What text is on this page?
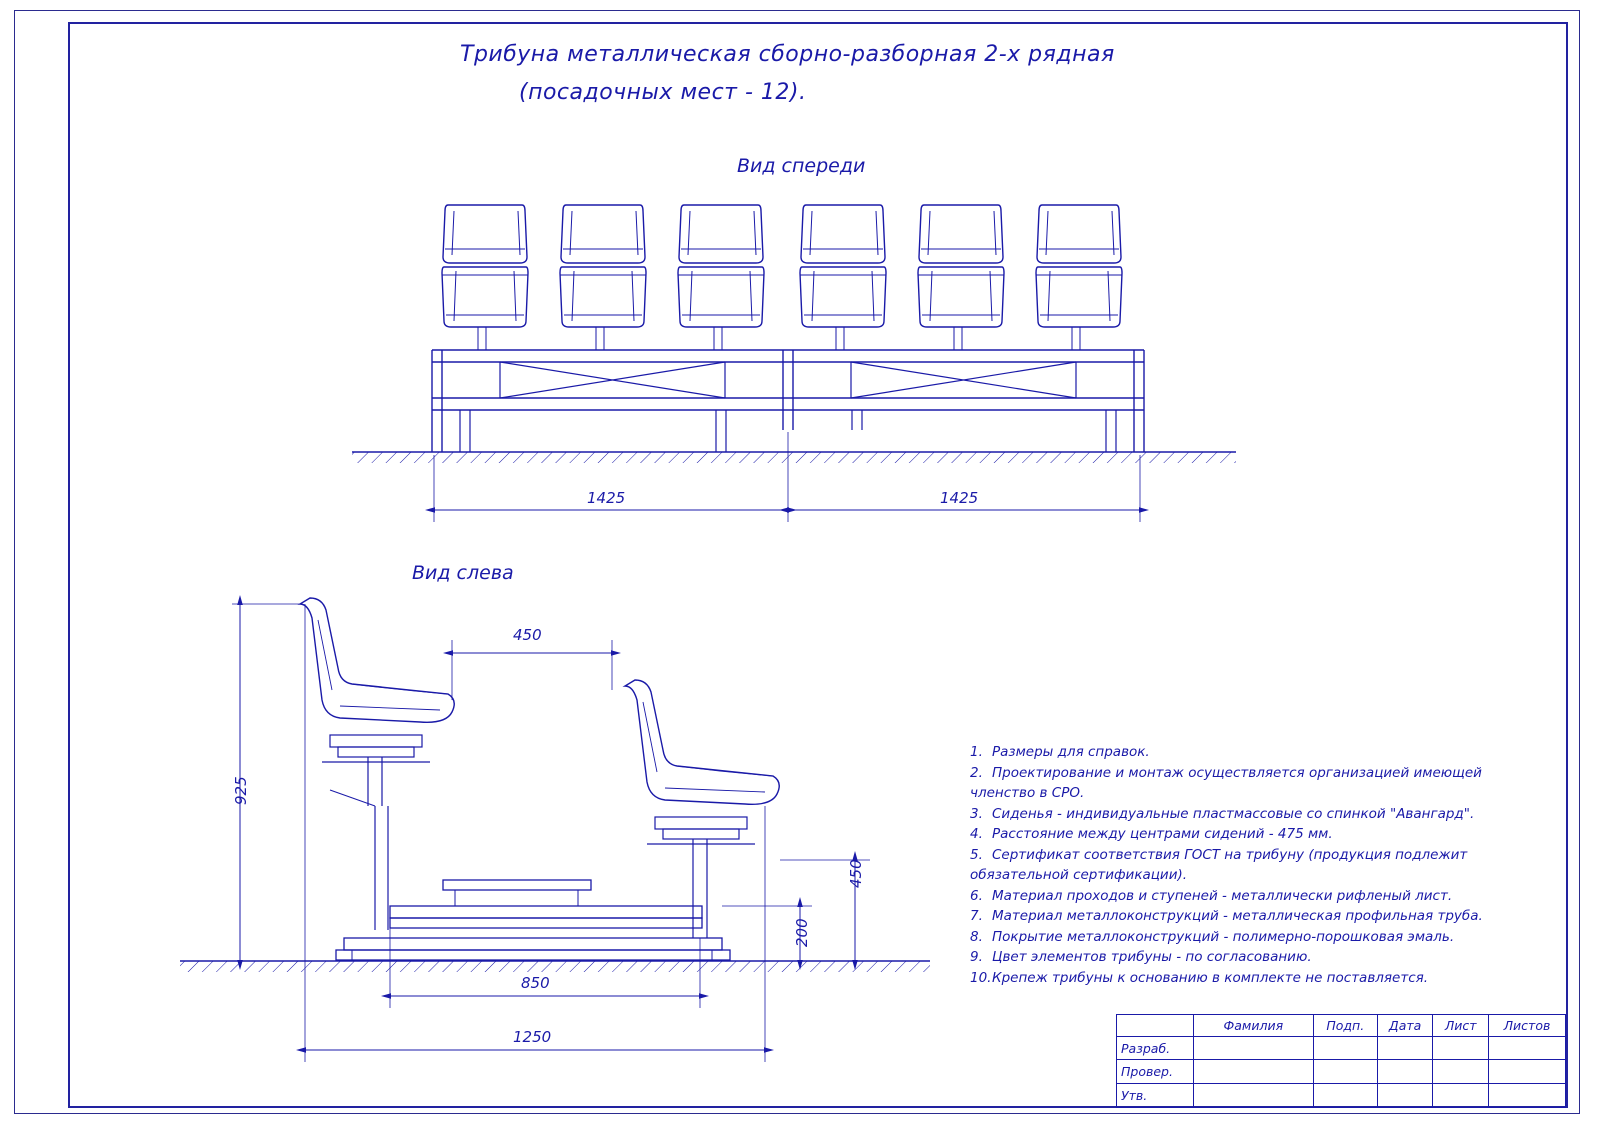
Трибуна металлическая сборно-разборная 2-х рядная
(посадочных мест - 12).
Вид спереди
Вид слева
1425	1425
450
925
450
200
850
1250
1. Размеры для справок.
2. Проектирование и монтаж осуществляется организацией имеющей членство в СРО.
3. Сиденья - индивидуальные пластмассовые со спинкой "Авангард".
4. Расстояние между центрами сидений - 475 мм.
5. Сертификат соответствия ГОСТ на трибуну (продукция подлежит обязательной сертификации).
6. Материал проходов и ступеней - металлически рифленый лист.
7. Материал металлоконструкций - металлическая профильная труба.
8. Покрытие металлоконструкций - полимерно-порошковая эмаль.
9. Цвет элементов трибуны - по согласованию.
10.Крепеж трибуны к основанию в комплекте не поставляется.
	Фамилия	Подп.	Дата	Лист	Листов
Разраб.					
Провер.					
Утв.					
